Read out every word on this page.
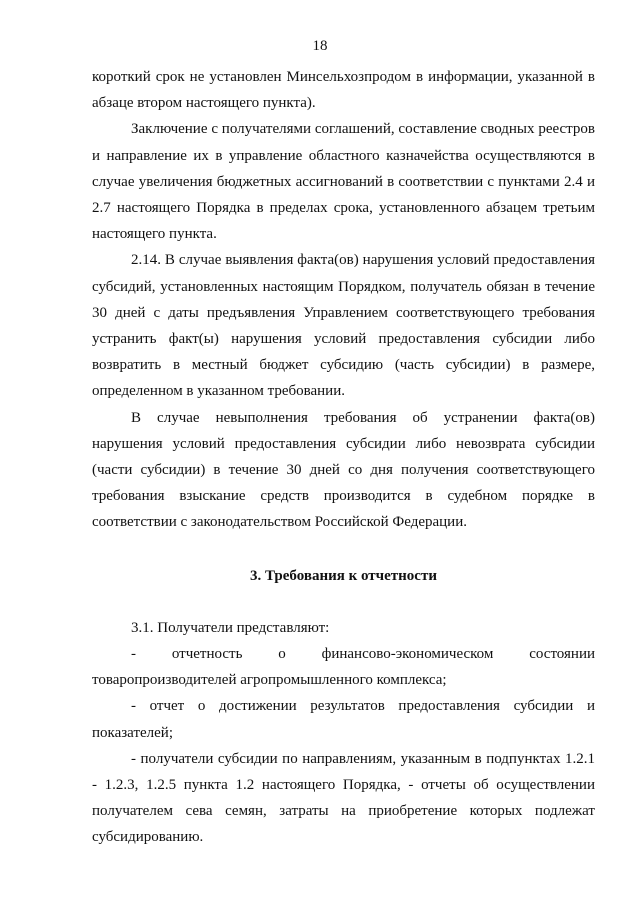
18

короткий срок не установлен Минсельхозпродом в информации, указанной в абзаце втором настоящего пункта).

Заключение с получателями соглашений, составление сводных реестров и направление их в управление областного казначейства осуществляются в случае увеличения бюджетных ассигнований в соответствии с пунктами 2.4 и 2.7 настоящего Порядка в пределах срока, установленного абзацем третьим настоящего пункта.

2.14. В случае выявления факта(ов) нарушения условий предоставления субсидий, установленных настоящим Порядком, получатель обязан в течение 30 дней с даты предъявления Управлением соответствующего требования устранить факт(ы) нарушения условий предоставления субсидии либо возвратить в местный бюджет субсидию (часть субсидии) в размере, определенном в указанном требовании.

В случае невыполнения требования об устранении факта(ов) нарушения условий предоставления субсидии либо невозврата субсидии (части субсидии) в течение 30 дней со дня получения соответствующего требования взыскание средств производится в судебном порядке в соответствии с законодательством Российской Федерации.

3. Требования к отчетности

3.1. Получатели представляют:

- отчетность о финансово-экономическом состоянии

товаропроизводителей агропромышленного комплекса;

- отчет о достижении результатов предоставления субсидии и показателей;

- получатели субсидии по направлениям, указанным в подпунктах 1.2.1 - 1.2.3, 1.2.5 пункта 1.2 настоящего Порядка, - отчеты об осуществлении получателем сева семян, затраты на приобретение которых подлежат субсидированию.
